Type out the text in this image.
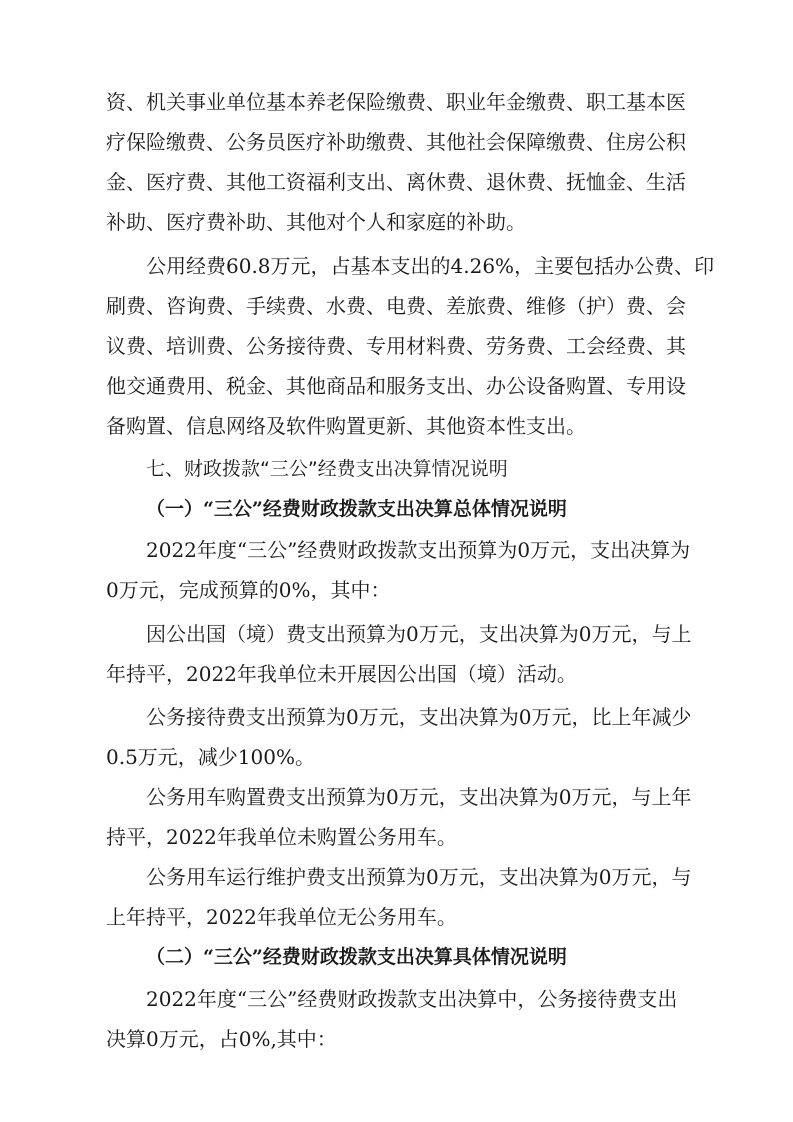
资、机关事业单位基本养老保险缴费、职业年金缴费、职工基本医
疗保险缴费、公务员医疗补助缴费、其他社会保障缴费、住房公积
金、医疗费、其他工资福利支出、离休费、退休费、抚恤金、生活
补助、医疗费补助、其他对个人和家庭的补助。
公用经费60.8万元，占基本支出的4.26%，主要包括办公费、印
刷费、咨询费、手续费、水费、电费、差旅费、维修（护）费、会
议费、培训费、公务接待费、专用材料费、劳务费、工会经费、其
他交通费用、税金、其他商品和服务支出、办公设备购置、专用设
备购置、信息网络及软件购置更新、其他资本性支出。
七、财政拨款“三公”经费支出决算情况说明
（一）“三公”经费财政拨款支出决算总体情况说明
2022年度“三公”经费财政拨款支出预算为0万元，支出决算为
0万元，完成预算的0%，其中：
因公出国（境）费支出预算为0万元，支出决算为0万元，与上
年持平，2022年我单位未开展因公出国（境）活动。
公务接待费支出预算为0万元，支出决算为0万元，比上年减少
0.5万元，减少100%。
公务用车购置费支出预算为0万元，支出决算为0万元，与上年
持平，2022年我单位未购置公务用车。
公务用车运行维护费支出预算为0万元，支出决算为0万元，与
上年持平，2022年我单位无公务用车。
（二）“三公”经费财政拨款支出决算具体情况说明
2022年度“三公”经费财政拨款支出决算中，公务接待费支出
决算0万元，占0%,其中：
